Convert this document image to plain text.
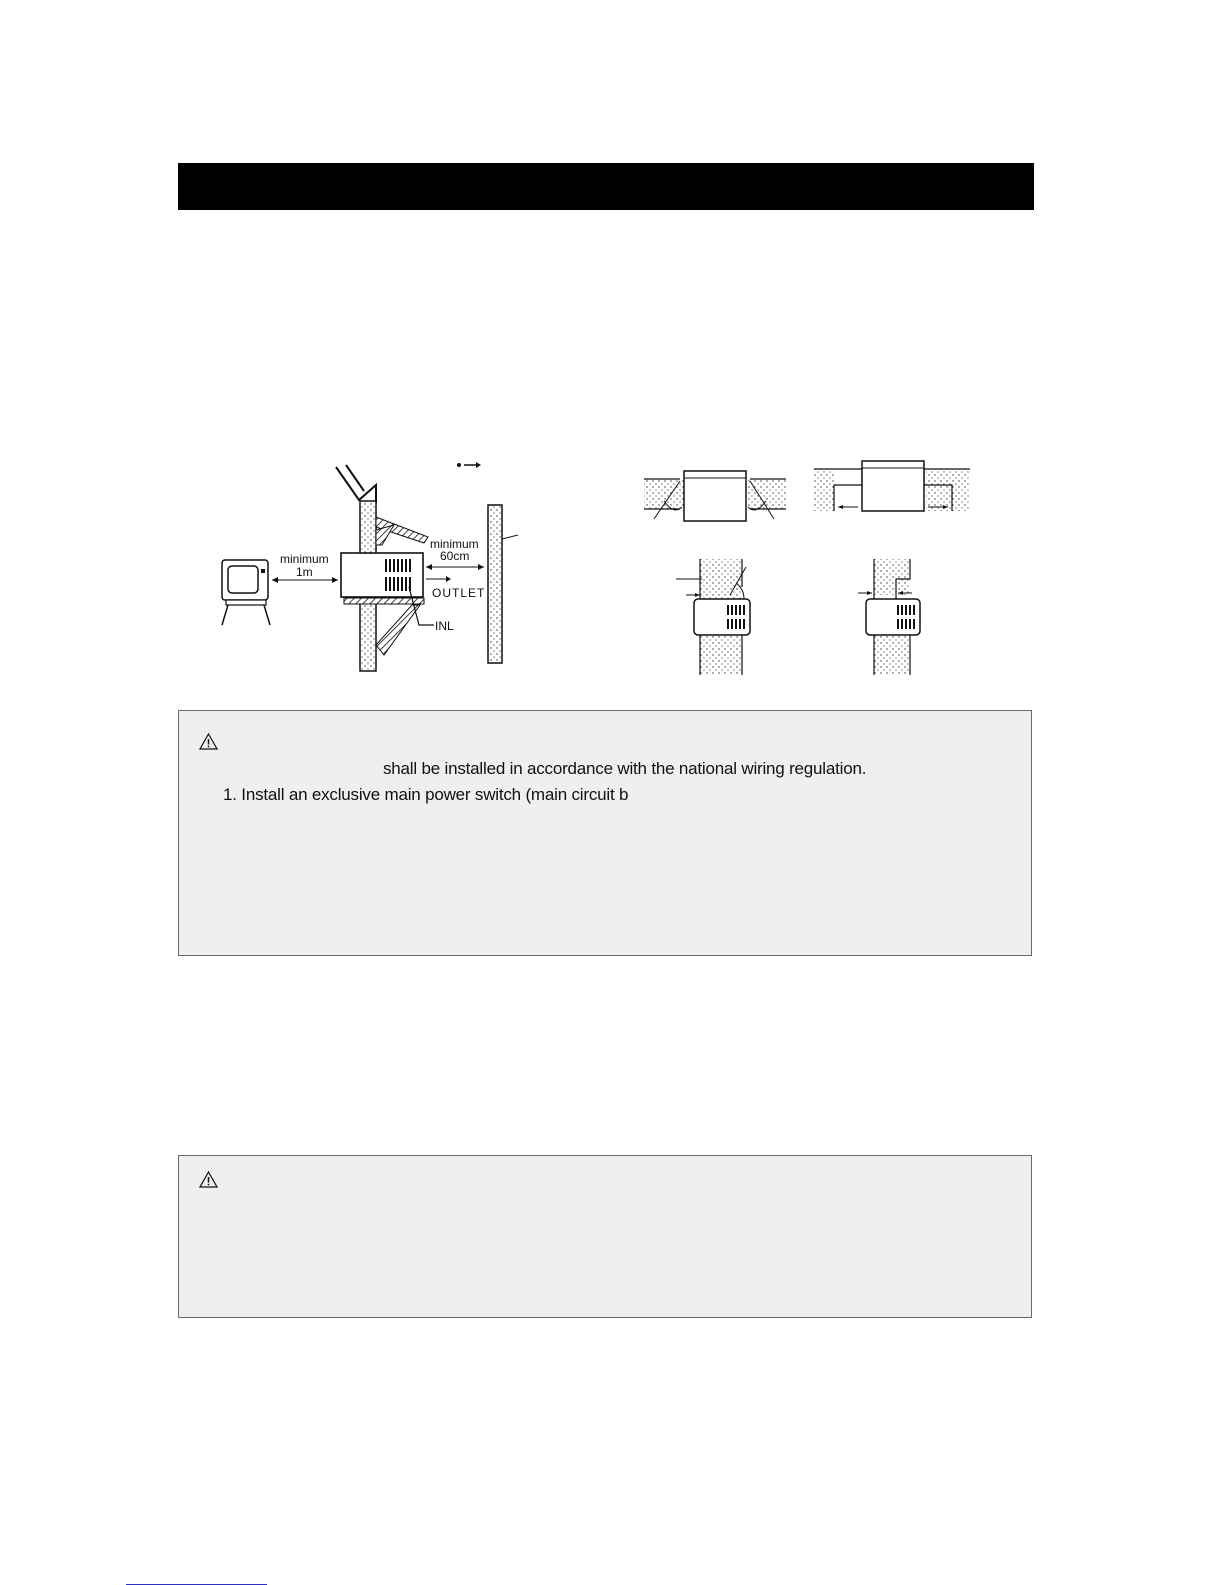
minimum
1m
minimum
60cm
OUTLET
INL
shall be installed in accordance with the national wiring regulation.
1. Install an exclusive main power switch (main circuit b
